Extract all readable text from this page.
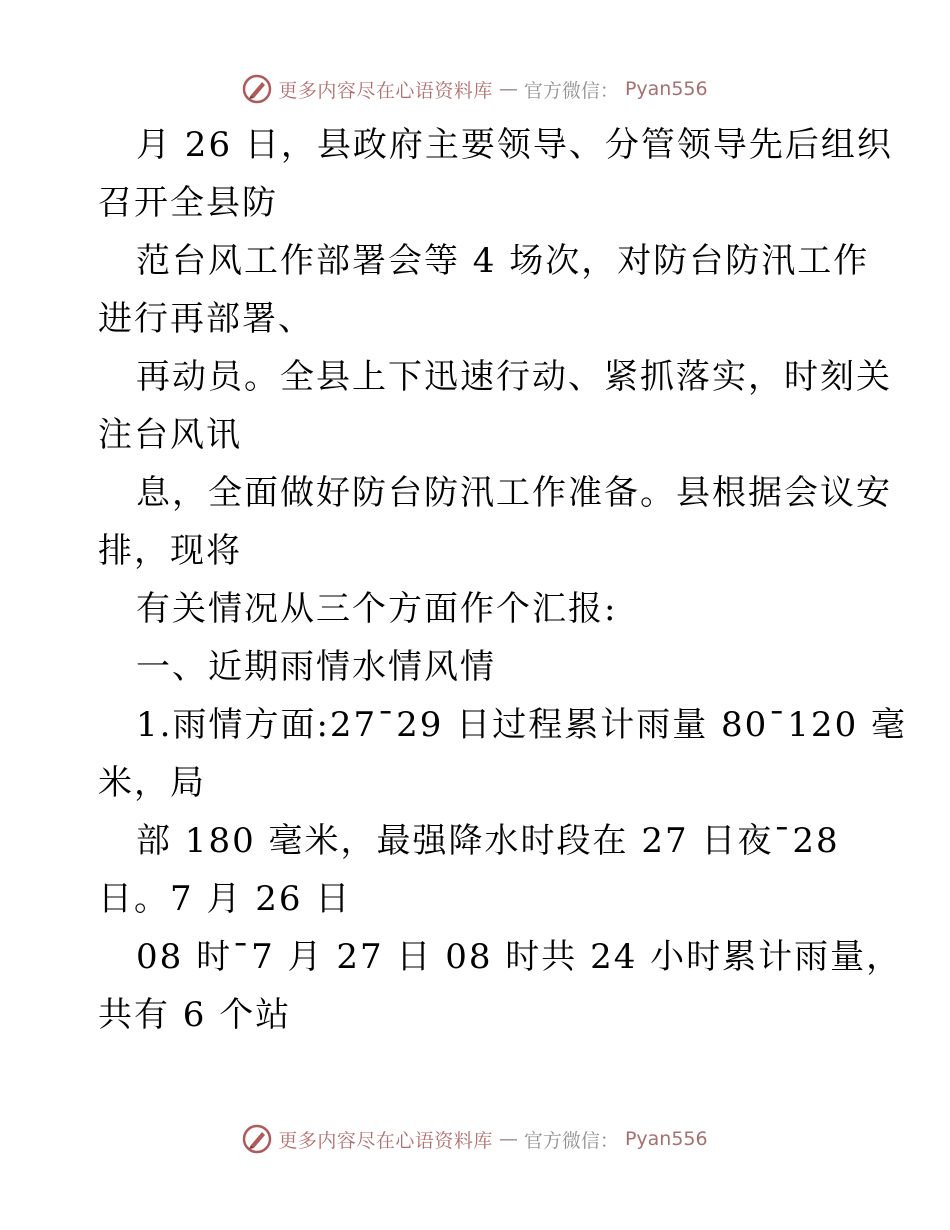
更多内容尽在心语资料库 — 官方微信： Pyan556
月 26 日，县政府主要领导、分管领导先后组织
召开全县防
范台风工作部署会等 4 场次，对防台防汛工作
进行再部署、
再动员。全县上下迅速行动、紧抓落实，时刻关
注台风讯
息，全面做好防台防汛工作准备。县根据会议安
排，现将
有关情况从三个方面作个汇报:
一、近期雨情水情风情
1.雨情方面:27¯29 日过程累计雨量 80¯120 毫
米，局
部 180 毫米，最强降水时段在 27 日夜¯28
日。7 月 26 日
08 时¯7 月 27 日 08 时共 24 小时累计雨量，
共有 6 个站
更多内容尽在心语资料库 — 官方微信： Pyan556
